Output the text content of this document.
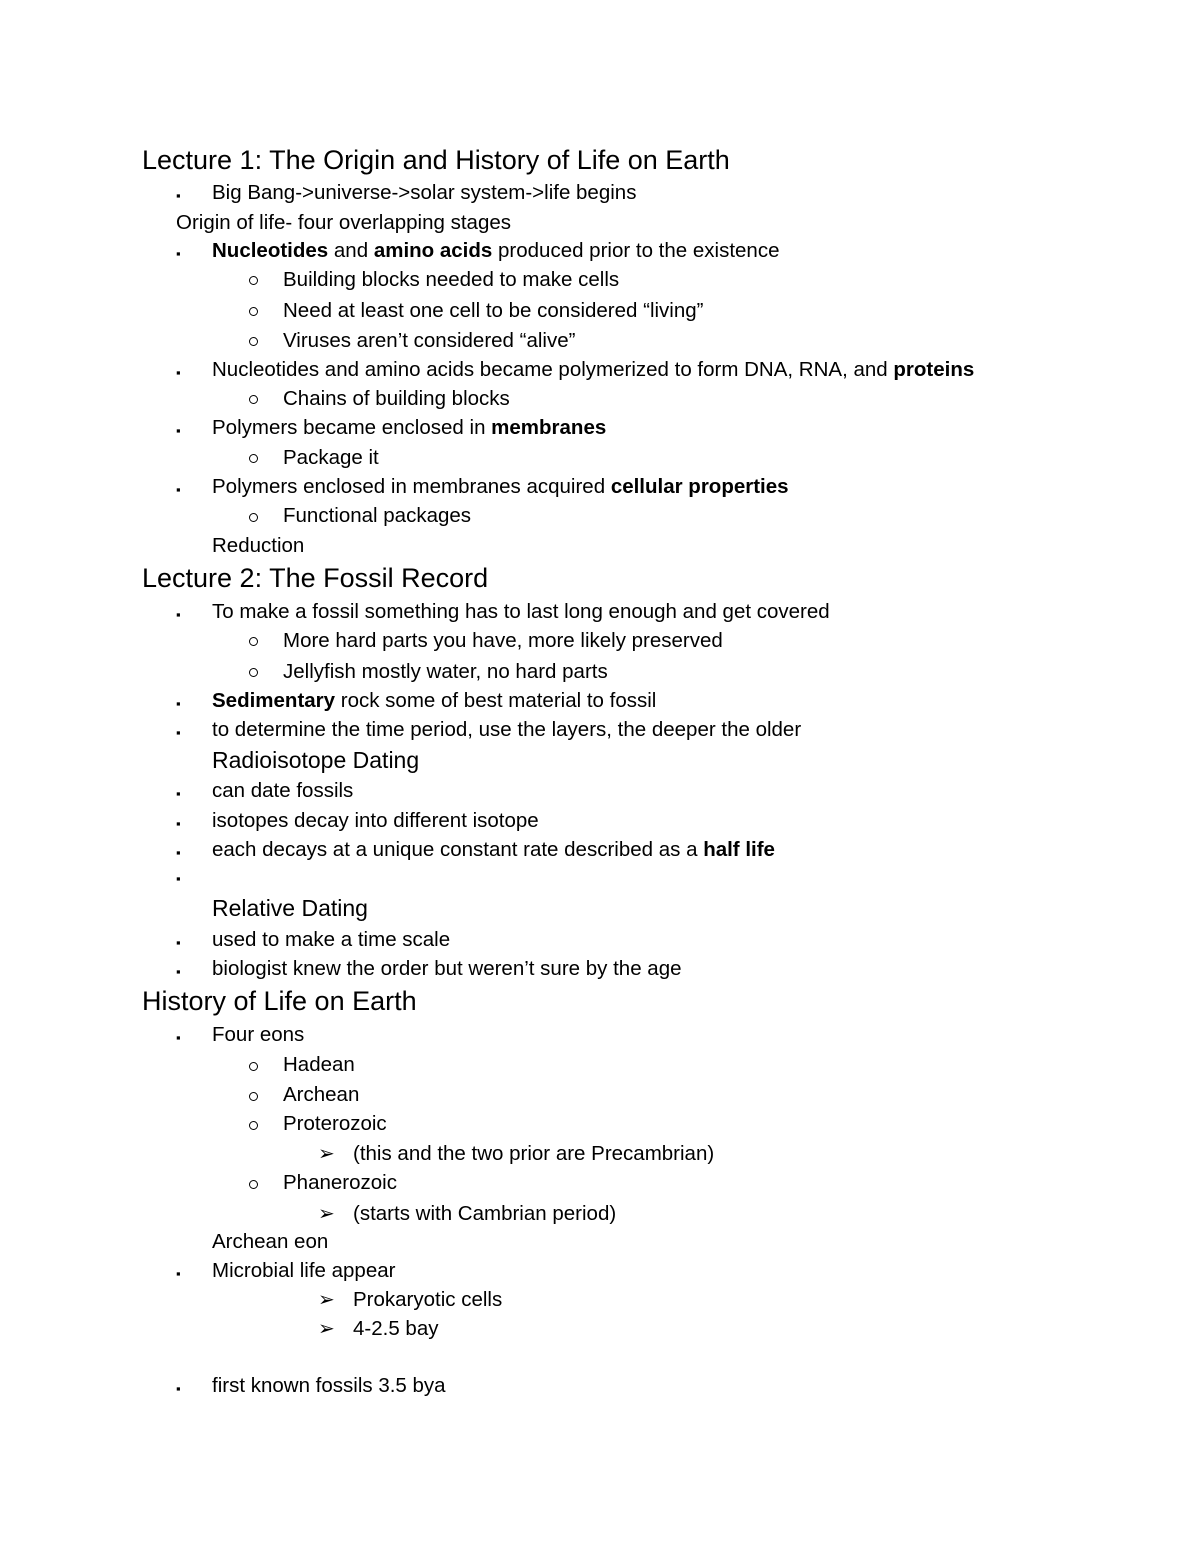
Lecture 1: The Origin and History of Life on Earth
▪ Big Bang->universe->solar system->life begins
Origin of life- four overlapping stages
▪ Nucleotides and amino acids produced prior to the existence
Building blocks needed to make cells
Need at least one cell to be considered “living”
Viruses aren’t considered “alive”
▪ Nucleotides and amino acids became polymerized to form DNA, RNA, and proteins
Chains of building blocks
▪ Polymers became enclosed in membranes
Package it
▪ Polymers enclosed in membranes acquired cellular properties
Functional packages
Reduction
Lecture 2: The Fossil Record
▪ To make a fossil something has to last long enough and get covered
More hard parts you have, more likely preserved
Jellyfish mostly water, no hard parts
▪ Sedimentary rock some of best material to fossil
▪ to determine the time period, use the layers, the deeper the older
Radioisotope Dating
▪ can date fossils
▪ isotopes decay into different isotope
▪ each decays at a unique constant rate described as a half life
▪
Relative Dating
▪ used to make a time scale
▪ biologist knew the order but weren’t sure by the age
History of Life on Earth
▪ Four eons
Hadean
Archean
Proterozoic
➢ (this and the two prior are Precambrian)
Phanerozoic
➢ (starts with Cambrian period)
Archean eon
▪ Microbial life appear
➢ Prokaryotic cells
➢ 4-2.5 bay
▪ first known fossils 3.5 bya
